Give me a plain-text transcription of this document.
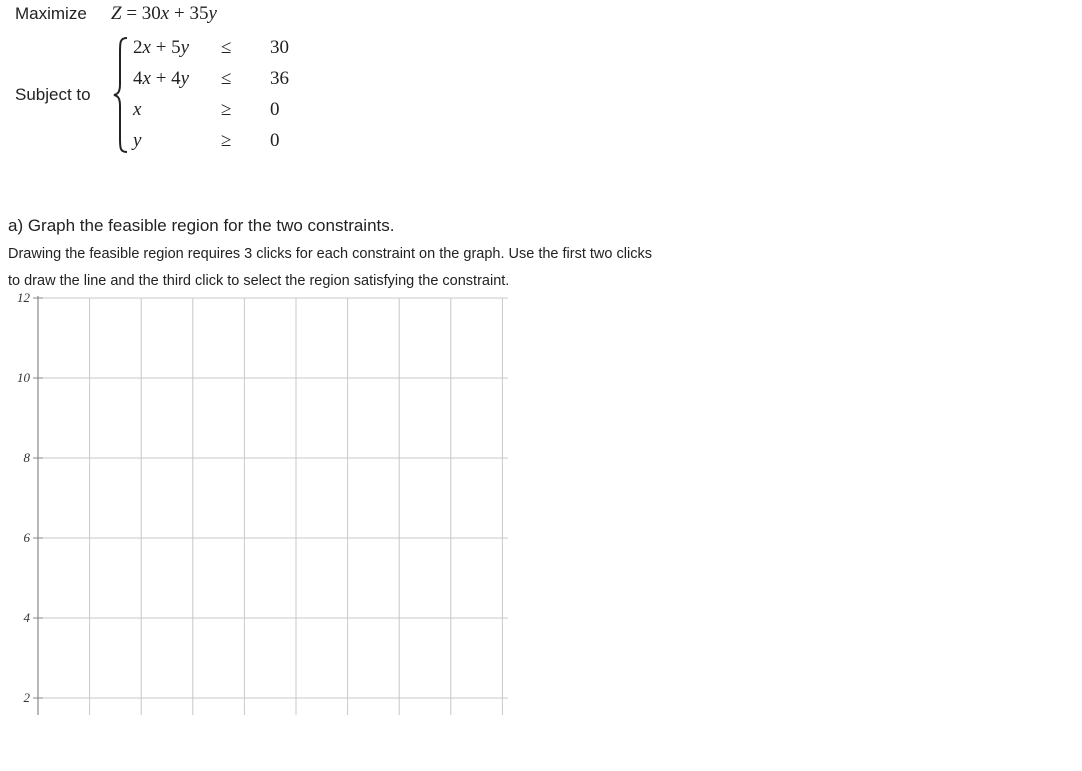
Maximize Z = 30x + 35y
Subject to
2x + 5y ≤ 30
4x + 4y ≤ 36
x	≥ 0
y	≥ 0
a) Graph the feasible region for the two constraints.
Drawing the feasible region requires 3 clicks for each constraint on the graph. Use the first two clicks
to draw the line and the third click to select the region satisfying the constraint.
12
10
8
6
4
2
